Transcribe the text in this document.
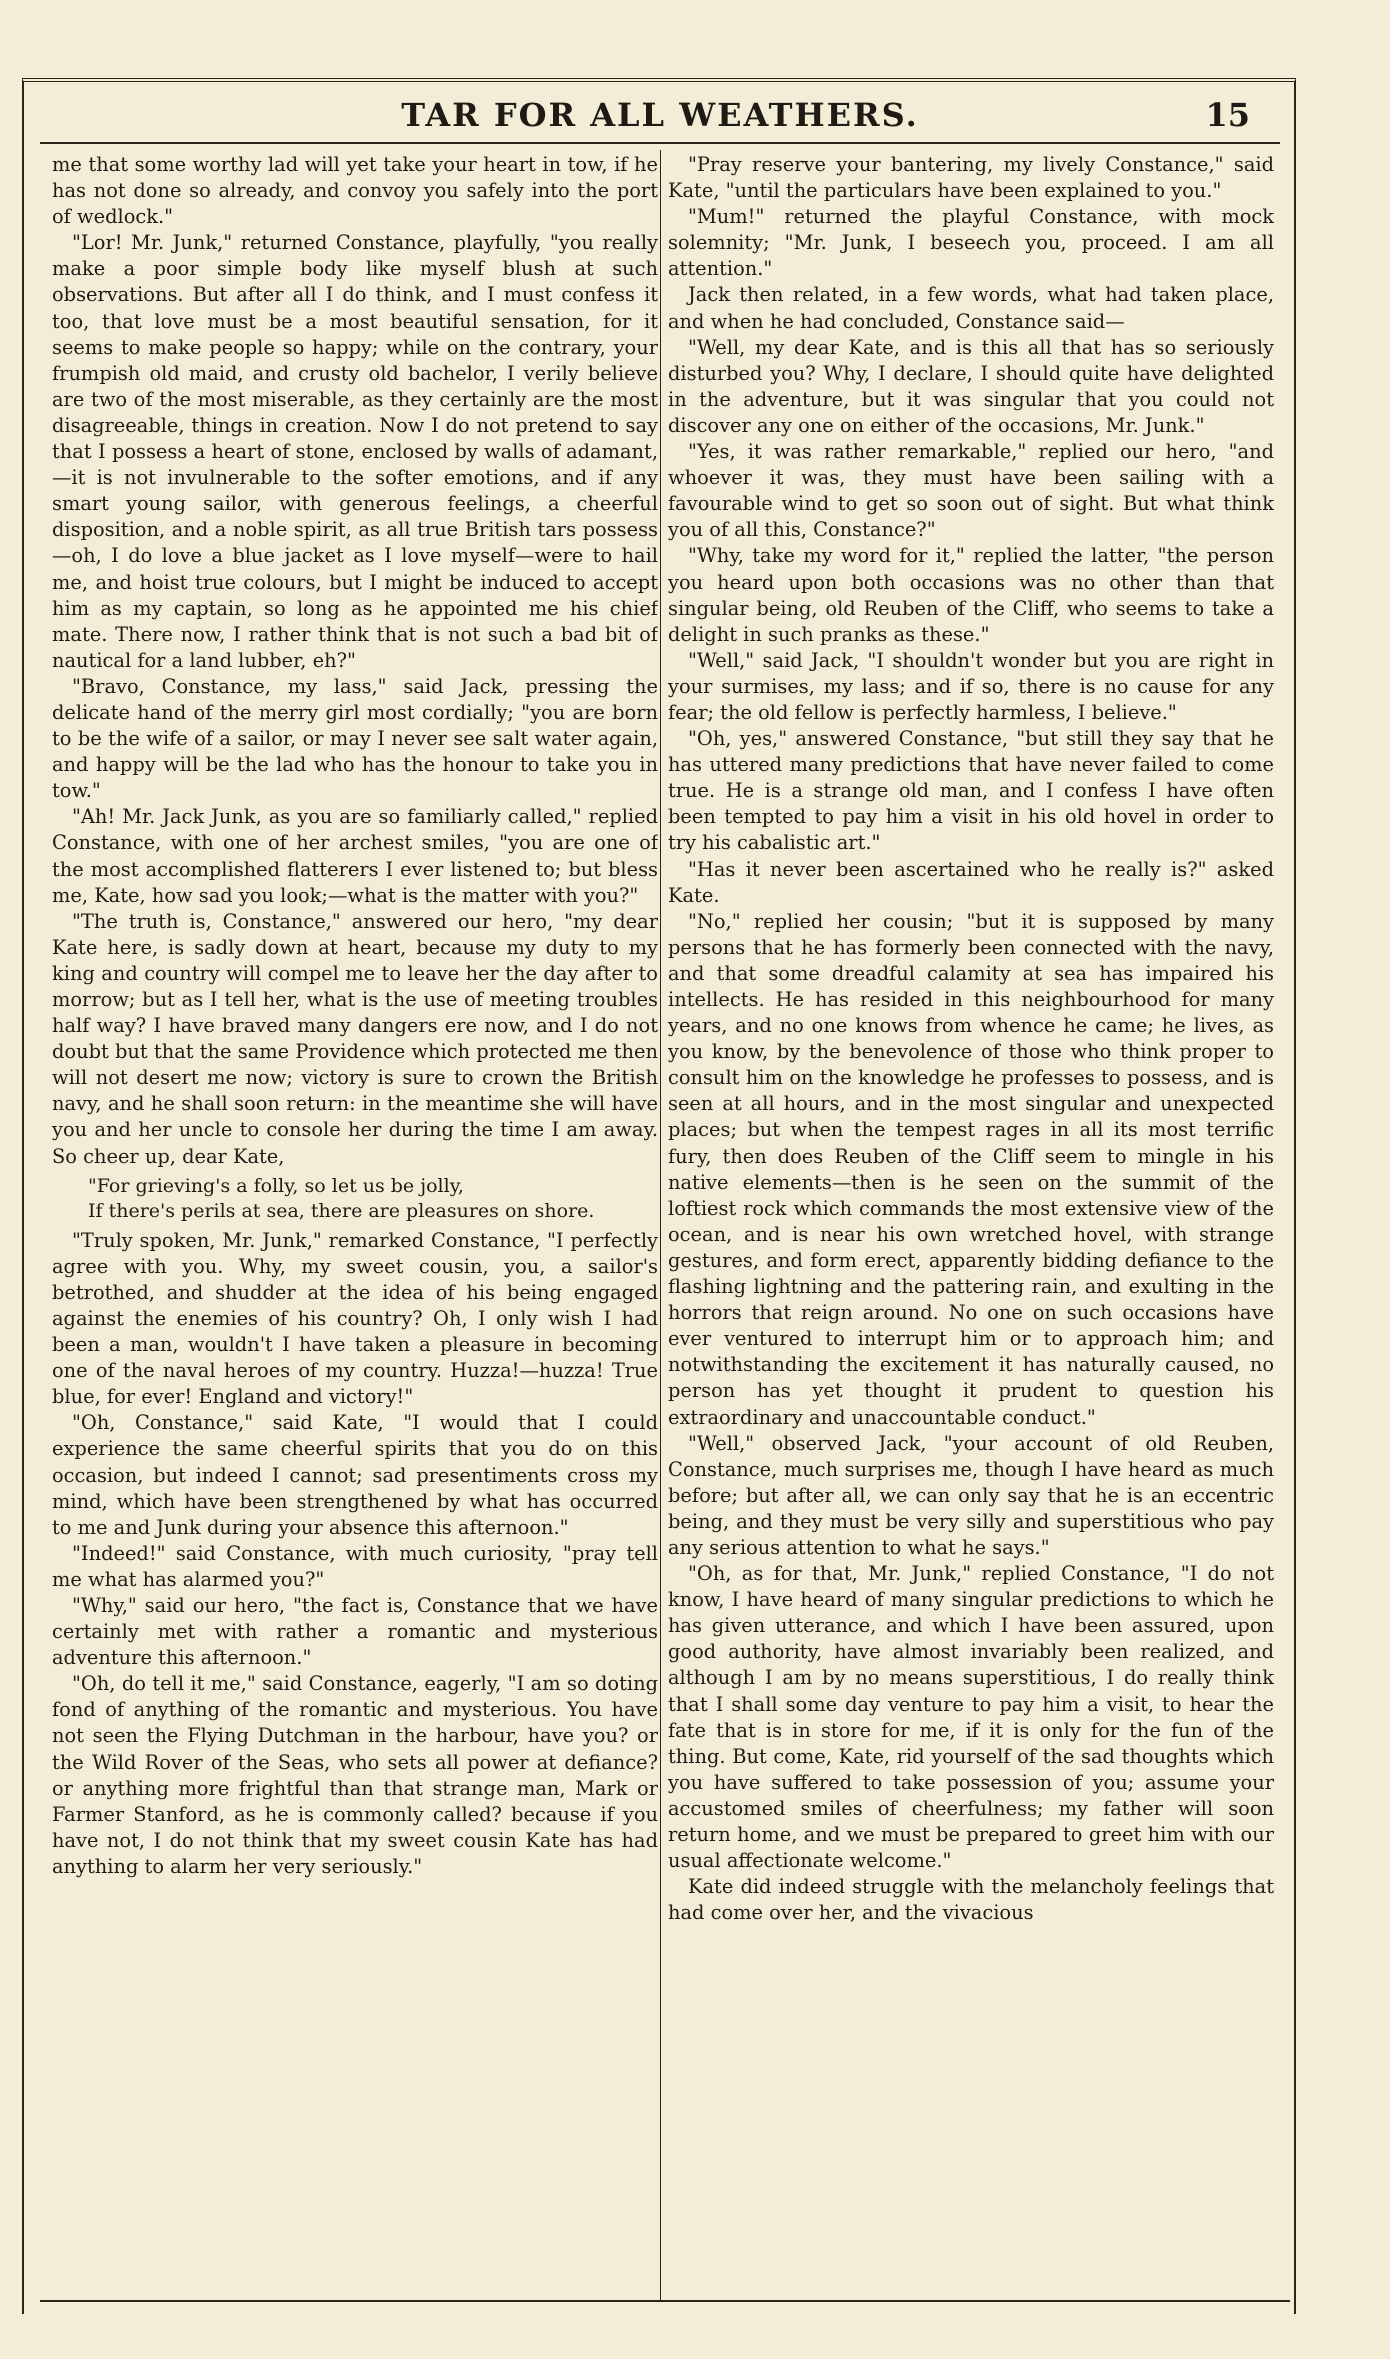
TAR FOR ALL WEATHERS.	15

me that some worthy lad will yet take your heart in tow, if he has not done so already, and convoy you safely into the port of wedlock."

"Lor! Mr. Junk," returned Constance, playfully, "you really make a poor simple body like myself blush at such observations. But after all I do think, and I must confess it too, that love must be a most beautiful sensation, for it seems to make people so happy; while on the contrary, your frumpish old maid, and crusty old bachelor, I verily believe are two of the most miserable, as they certainly are the most disagreeable, things in creation. Now I do not pretend to say that I possess a heart of stone, enclosed by walls of adamant,—it is not invulnerable to the softer emotions, and if any smart young sailor, with generous feelings, a cheerful disposition, and a noble spirit, as all true British tars possess—oh, I do love a blue jacket as I love myself—were to hail me, and hoist true colours, but I might be induced to accept him as my captain, so long as he appointed me his chief mate. There now, I rather think that is not such a bad bit of nautical for a land lubber, eh?"

"Bravo, Constance, my lass," said Jack, pressing the delicate hand of the merry girl most cordially; "you are born to be the wife of a sailor, or may I never see salt water again, and happy will be the lad who has the honour to take you in tow."

"Ah! Mr. Jack Junk, as you are so familiarly called," replied Constance, with one of her archest smiles, "you are one of the most accomplished flatterers I ever listened to; but bless me, Kate, how sad you look;—what is the matter with you?"

"The truth is, Constance," answered our hero, "my dear Kate here, is sadly down at heart, because my duty to my king and country will compel me to leave her the day after to morrow; but as I tell her, what is the use of meeting troubles half way? I have braved many dangers ere now, and I do not doubt but that the same Providence which protected me then will not desert me now; victory is sure to crown the British navy, and he shall soon return: in the meantime she will have you and her uncle to console her during the time I am away. So cheer up, dear Kate,

"For grieving's a folly, so let us be jolly,
If there's perils at sea, there are pleasures on shore.

"Truly spoken, Mr. Junk," remarked Constance, "I perfectly agree with you. Why, my sweet cousin, you, a sailor's betrothed, and shudder at the idea of his being engaged against the enemies of his country? Oh, I only wish I had been a man, wouldn't I have taken a pleasure in becoming one of the naval heroes of my country. Huzza!—huzza! True blue, for ever! England and victory!"

"Oh, Constance," said Kate, "I would that I could experience the same cheerful spirits that you do on this occasion, but indeed I cannot; sad presentiments cross my mind, which have been strengthened by what has occurred to me and Junk during your absence this afternoon."

"Indeed!" said Constance, with much curiosity, "pray tell me what has alarmed you?"

"Why," said our hero, "the fact is, Constance that we have certainly met with rather a romantic and mysterious adventure this afternoon."

"Oh, do tell it me," said Constance, eagerly, "I am so doting fond of anything of the romantic and mysterious. You have not seen the Flying Dutchman in the harbour, have you? or the Wild Rover of the Seas, who sets all power at defiance? or anything more frightful than that strange man, Mark or Farmer Stanford, as he is commonly called? because if you have not, I do not think that my sweet cousin Kate has had anything to alarm her very seriously."

"Pray reserve your bantering, my lively Constance," said Kate, "until the particulars have been explained to you."

"Mum!" returned the playful Constance, with mock solemnity; "Mr. Junk, I beseech you, proceed. I am all attention."

Jack then related, in a few words, what had taken place, and when he had concluded, Constance said—

"Well, my dear Kate, and is this all that has so seriously disturbed you? Why, I declare, I should quite have delighted in the adventure, but it was singular that you could not discover any one on either of the occasions, Mr. Junk."

"Yes, it was rather remarkable," replied our hero, "and whoever it was, they must have been sailing with a favourable wind to get so soon out of sight. But what think you of all this, Constance?"

"Why, take my word for it," replied the latter, "the person you heard upon both occasions was no other than that singular being, old Reuben of the Cliff, who seems to take a delight in such pranks as these."

"Well," said Jack, "I shouldn't wonder but you are right in your surmises, my lass; and if so, there is no cause for any fear; the old fellow is perfectly harmless, I believe."

"Oh, yes," answered Constance, "but still they say that he has uttered many predictions that have never failed to come true. He is a strange old man, and I confess I have often been tempted to pay him a visit in his old hovel in order to try his cabalistic art."

"Has it never been ascertained who he really is?" asked Kate.

"No," replied her cousin; "but it is supposed by many persons that he has formerly been connected with the navy, and that some dreadful calamity at sea has impaired his intellects. He has resided in this neighbourhood for many years, and no one knows from whence he came; he lives, as you know, by the benevolence of those who think proper to consult him on the knowledge he professes to possess, and is seen at all hours, and in the most singular and unexpected places; but when the tempest rages in all its most terrific fury, then does Reuben of the Cliff seem to mingle in his native elements—then is he seen on the summit of the loftiest rock which commands the most extensive view of the ocean, and is near his own wretched hovel, with strange gestures, and form erect, apparently bidding defiance to the flashing lightning and the pattering rain, and exulting in the horrors that reign around. No one on such occasions have ever ventured to interrupt him or to approach him; and notwithstanding the excitement it has naturally caused, no person has yet thought it prudent to question his extraordinary and unaccountable conduct."

"Well," observed Jack, "your account of old Reuben, Constance, much surprises me, though I have heard as much before; but after all, we can only say that he is an eccentric being, and they must be very silly and superstitious who pay any serious attention to what he says."

"Oh, as for that, Mr. Junk," replied Constance, "I do not know, I have heard of many singular predictions to which he has given utterance, and which I have been assured, upon good authority, have almost invariably been realized, and although I am by no means superstitious, I do really think that I shall some day venture to pay him a visit, to hear the fate that is in store for me, if it is only for the fun of the thing. But come, Kate, rid yourself of the sad thoughts which you have suffered to take possession of you; assume your accustomed smiles of cheerfulness; my father will soon return home, and we must be prepared to greet him with our usual affectionate welcome."

Kate did indeed struggle with the melancholy feelings that had come over her, and the vivacious
